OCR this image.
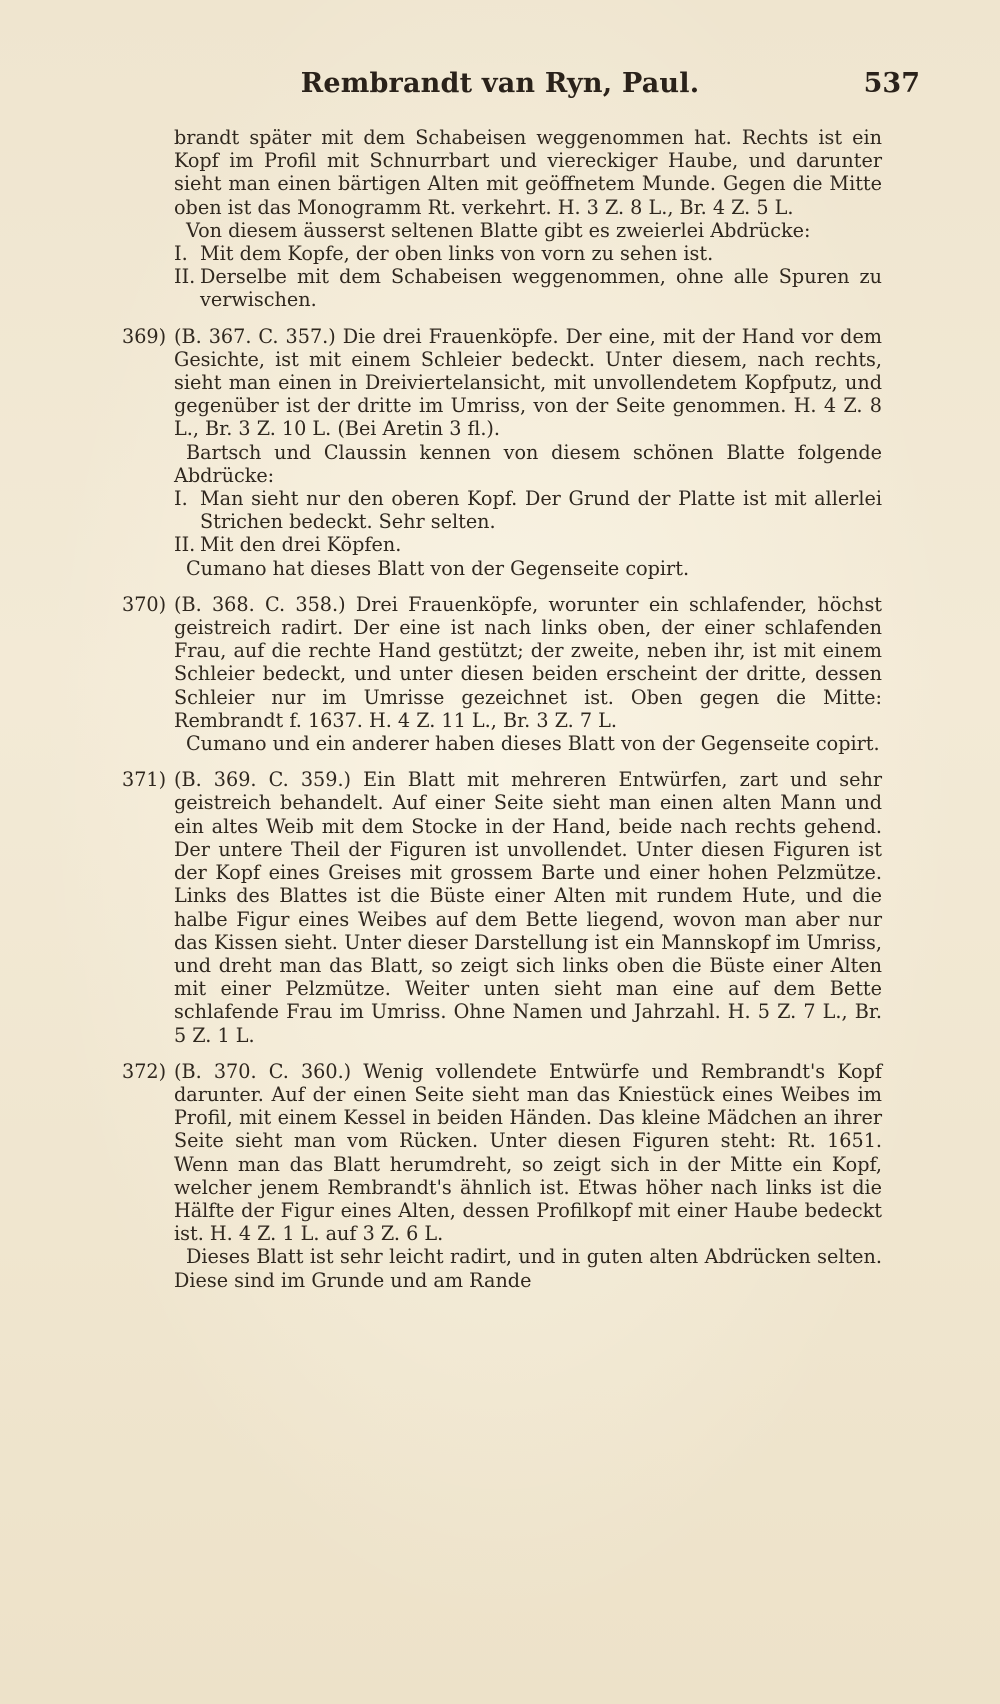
Rembrandt van Ryn, Paul.	537

brandt später mit dem Schabeisen weggenommen hat. Rechts ist ein Kopf im Profil mit Schnurrbart und viereckiger Haube, und darunter sieht man einen bärtigen Alten mit geöffnetem Munde. Gegen die Mitte oben ist das Monogramm Rt. verkehrt. H. 3 Z. 8 L., Br. 4 Z. 5 L.

Von diesem äusserst seltenen Blatte gibt es zweierlei Abdrücke:

I. Mit dem Kopfe, der oben links von vorn zu sehen ist.
II. Derselbe mit dem Schabeisen weggenommen, ohne alle Spuren zu verwischen.
369) (B. 367. C. 357.) Die drei Frauenköpfe. Der eine, mit der Hand vor dem Gesichte, ist mit einem Schleier bedeckt. Unter diesem, nach rechts, sieht man einen in Dreiviertelansicht, mit unvollendetem Kopfputz, und gegenüber ist der dritte im Umriss, von der Seite genommen. H. 4 Z. 8 L., Br. 3 Z. 10 L. (Bei Aretin 3 fl.).

Bartsch und Claussin kennen von diesem schönen Blatte folgende Abdrücke:

I. Man sieht nur den oberen Kopf. Der Grund der Platte ist mit allerlei Strichen bedeckt. Sehr selten.
II. Mit den drei Köpfen.

Cumano hat dieses Blatt von der Gegenseite copirt.

370) (B. 368. C. 358.) Drei Frauenköpfe, worunter ein schlafender, höchst geistreich radirt. Der eine ist nach links oben, der einer schlafenden Frau, auf die rechte Hand gestützt; der zweite, neben ihr, ist mit einem Schleier bedeckt, und unter diesen beiden erscheint der dritte, dessen Schleier nur im Umrisse gezeichnet ist. Oben gegen die Mitte: Rembrandt f. 1637. H. 4 Z. 11 L., Br. 3 Z. 7 L.

Cumano und ein anderer haben dieses Blatt von der Gegenseite copirt.

371) (B. 369. C. 359.) Ein Blatt mit mehreren Entwürfen, zart und sehr geistreich behandelt. Auf einer Seite sieht man einen alten Mann und ein altes Weib mit dem Stocke in der Hand, beide nach rechts gehend. Der untere Theil der Figuren ist unvollendet. Unter diesen Figuren ist der Kopf eines Greises mit grossem Barte und einer hohen Pelzmütze. Links des Blattes ist die Büste einer Alten mit rundem Hute, und die halbe Figur eines Weibes auf dem Bette liegend, wovon man aber nur das Kissen sieht. Unter dieser Darstellung ist ein Mannskopf im Umriss, und dreht man das Blatt, so zeigt sich links oben die Büste einer Alten mit einer Pelzmütze. Weiter unten sieht man eine auf dem Bette schlafende Frau im Umriss. Ohne Namen und Jahrzahl. H. 5 Z. 7 L., Br. 5 Z. 1 L.

372) (B. 370. C. 360.) Wenig vollendete Entwürfe und Rembrandt's Kopf darunter. Auf der einen Seite sieht man das Kniestück eines Weibes im Profil, mit einem Kessel in beiden Händen. Das kleine Mädchen an ihrer Seite sieht man vom Rücken. Unter diesen Figuren steht: Rt. 1651. Wenn man das Blatt herumdreht, so zeigt sich in der Mitte ein Kopf, welcher jenem Rembrandt's ähnlich ist. Etwas höher nach links ist die Hälfte der Figur eines Alten, dessen Profilkopf mit einer Haube bedeckt ist. H. 4 Z. 1 L. auf 3 Z. 6 L.

Dieses Blatt ist sehr leicht radirt, und in guten alten Abdrücken selten. Diese sind im Grunde und am Rande
